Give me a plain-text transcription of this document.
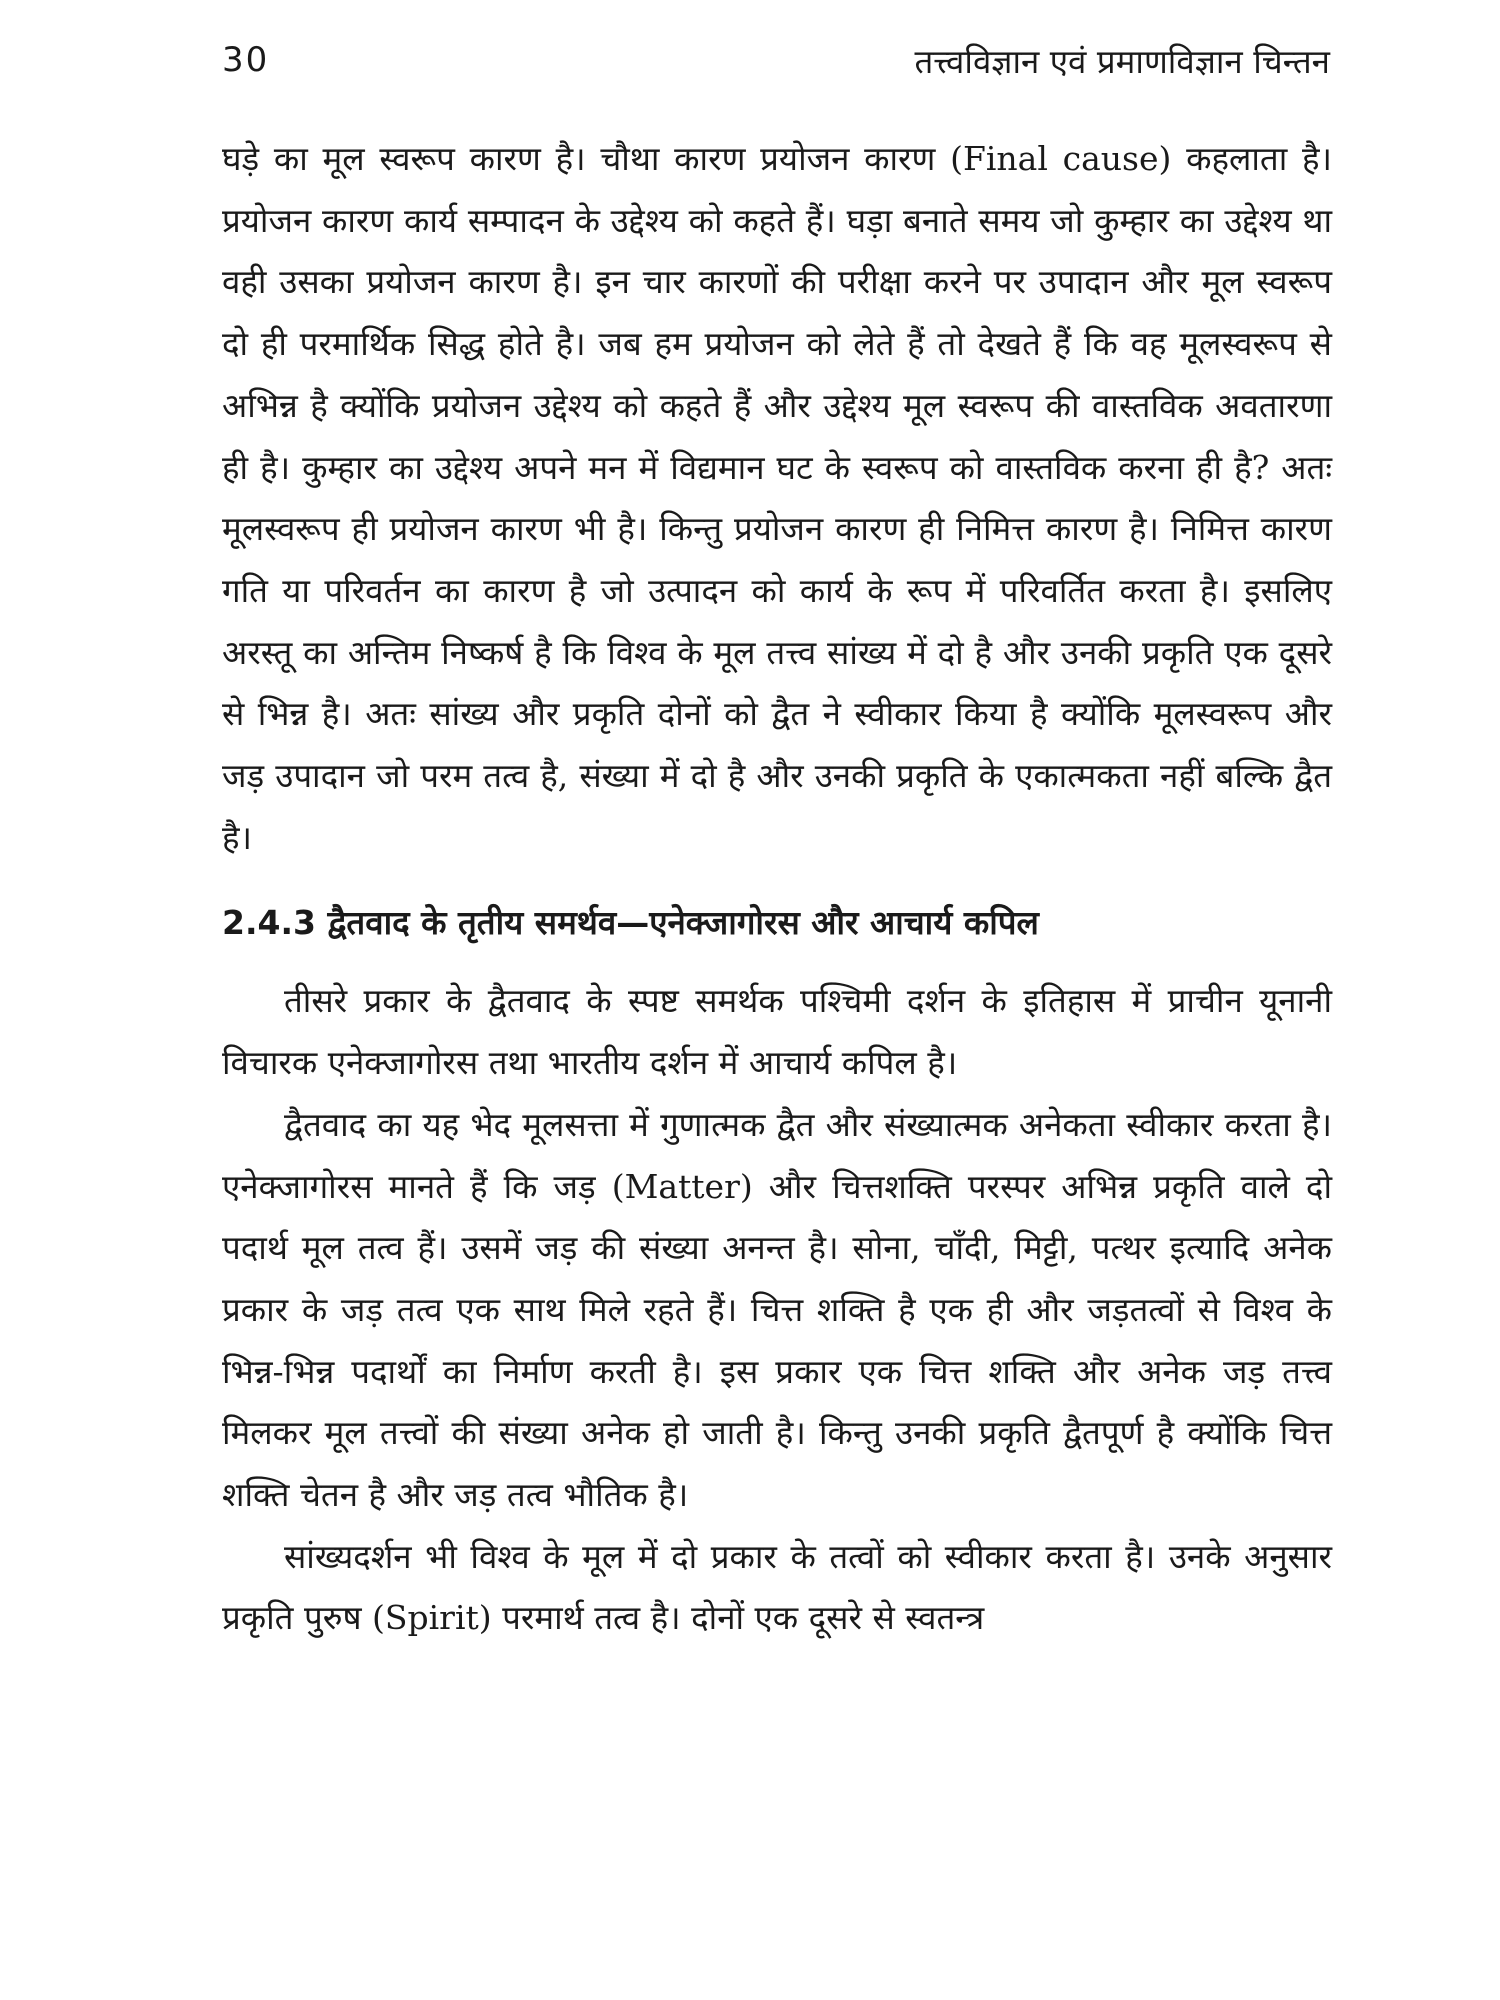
30	तत्त्वविज्ञान एवं प्रमाणविज्ञान चिन्तन

घड़े का मूल स्वरूप कारण है। चौथा कारण प्रयोजन कारण (Final cause) कहलाता है। प्रयोजन कारण कार्य सम्पादन के उद्देश्य को कहते हैं। घड़ा बनाते समय जो कुम्हार का उद्देश्य था वही उसका प्रयोजन कारण है। इन चार कारणों की परीक्षा करने पर उपादान और मूल स्वरूप दो ही परमार्थिक सिद्ध होते है। जब हम प्रयोजन को लेते हैं तो देखते हैं कि वह मूलस्वरूप से अभिन्न है क्योंकि प्रयोजन उद्देश्य को कहते हैं और उद्देश्य मूल स्वरूप की वास्तविक अवतारणा ही है। कुम्हार का उद्देश्य अपने मन में विद्यमान घट के स्वरूप को वास्तविक करना ही है? अतः मूलस्वरूप ही प्रयोजन कारण भी है। किन्तु प्रयोजन कारण ही निमित्त कारण है। निमित्त कारण गति या परिवर्तन का कारण है जो उत्पादन को कार्य के रूप में परिवर्तित करता है। इसलिए अरस्तू का अन्तिम निष्कर्ष है कि विश्व के मूल तत्त्व सांख्य में दो है और उनकी प्रकृति एक दूसरे से भिन्न है। अतः सांख्य और प्रकृति दोनों को द्वैत ने स्वीकार किया है क्योंकि मूलस्वरूप और जड़ उपादान जो परम तत्व है, संख्या में दो है और उनकी प्रकृति के एकात्मकता नहीं बल्कि द्वैत है।

2.4.3 द्वैतवाद के तृतीय समर्थव—एनेक्जागोरस और आचार्य कपिल

तीसरे प्रकार के द्वैतवाद के स्पष्ट समर्थक पश्चिमी दर्शन के इतिहास में प्राचीन यूनानी विचारक एनेक्जागोरस तथा भारतीय दर्शन में आचार्य कपिल है।

द्वैतवाद का यह भेद मूलसत्ता में गुणात्मक द्वैत और संख्यात्मक अनेकता स्वीकार करता है। एनेक्जागोरस मानते हैं कि जड़ (Matter) और चित्तशक्ति परस्पर अभिन्न प्रकृति वाले दो पदार्थ मूल तत्व हैं। उसमें जड़ की संख्या अनन्त है। सोना, चाँदी, मिट्टी, पत्थर इत्यादि अनेक प्रकार के जड़ तत्व एक साथ मिले रहते हैं। चित्त शक्ति है एक ही और जड़तत्वों से विश्व के भिन्न-भिन्न पदार्थों का निर्माण करती है। इस प्रकार एक चित्त शक्ति और अनेक जड़ तत्त्व मिलकर मूल तत्त्वों की संख्या अनेक हो जाती है। किन्तु उनकी प्रकृति द्वैतपूर्ण है क्योंकि चित्त शक्ति चेतन है और जड़ तत्व भौतिक है।

सांख्यदर्शन भी विश्व के मूल में दो प्रकार के तत्वों को स्वीकार करता है। उनके अनुसार प्रकृति पुरुष (Spirit) परमार्थ तत्व है। दोनों एक दूसरे से स्वतन्त्र
